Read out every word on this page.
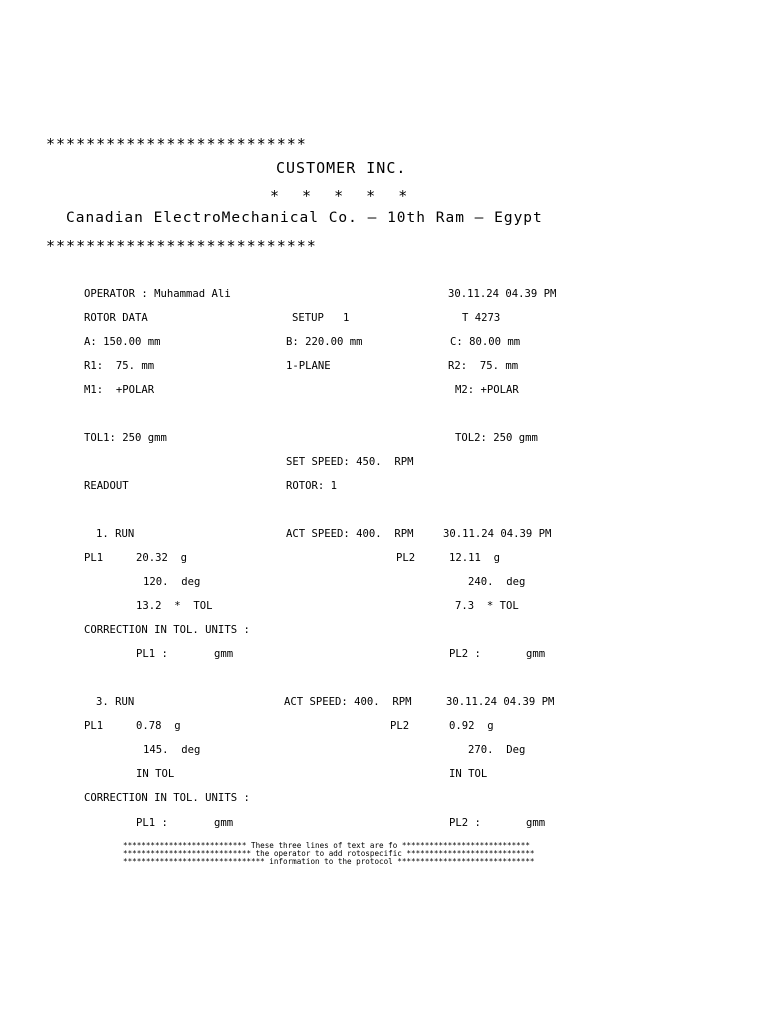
**************************
CUSTOMER INC.
* * * * *
Canadian ElectroMechanical Co. — 10th Ram — Egypt
***************************
OPERATOR : Muhammad Ali	30.11.24 04.39 PM
ROTOR DATA	SETUP   1	T 4273
A: 150.00 mm	B: 220.00 mm	C: 80.00 mm
R1:  75. mm	1-PLANE	R2:  75. mm
M1:  +POLAR	M2: +POLAR
TOL1: 250 gmm	TOL2: 250 gmm
SET SPEED: 450.  RPM
READOUT	ROTOR: 1
1. RUN	ACT SPEED: 400.  RPM	30.11.24 04.39 PM
PL1	20.32  g	PL2	12.11  g
120.  deg	240.  deg
13.2  *  TOL	7.3  * TOL
CORRECTION IN TOL. UNITS :
PL1 :	gmm	PL2 :	gmm
3. RUN	ACT SPEED: 400.  RPM	30.11.24 04.39 PM
PL1	0.78  g	PL2	0.92  g
145.  deg	270.  Deg
IN TOL	IN TOL
CORRECTION IN TOL. UNITS :
PL1 :	gmm	PL2 :	gmm
*************************** These three lines of text are fo ****************************
**************************** the operator to add rotospecific ****************************
******************************* information to the protocol ******************************
